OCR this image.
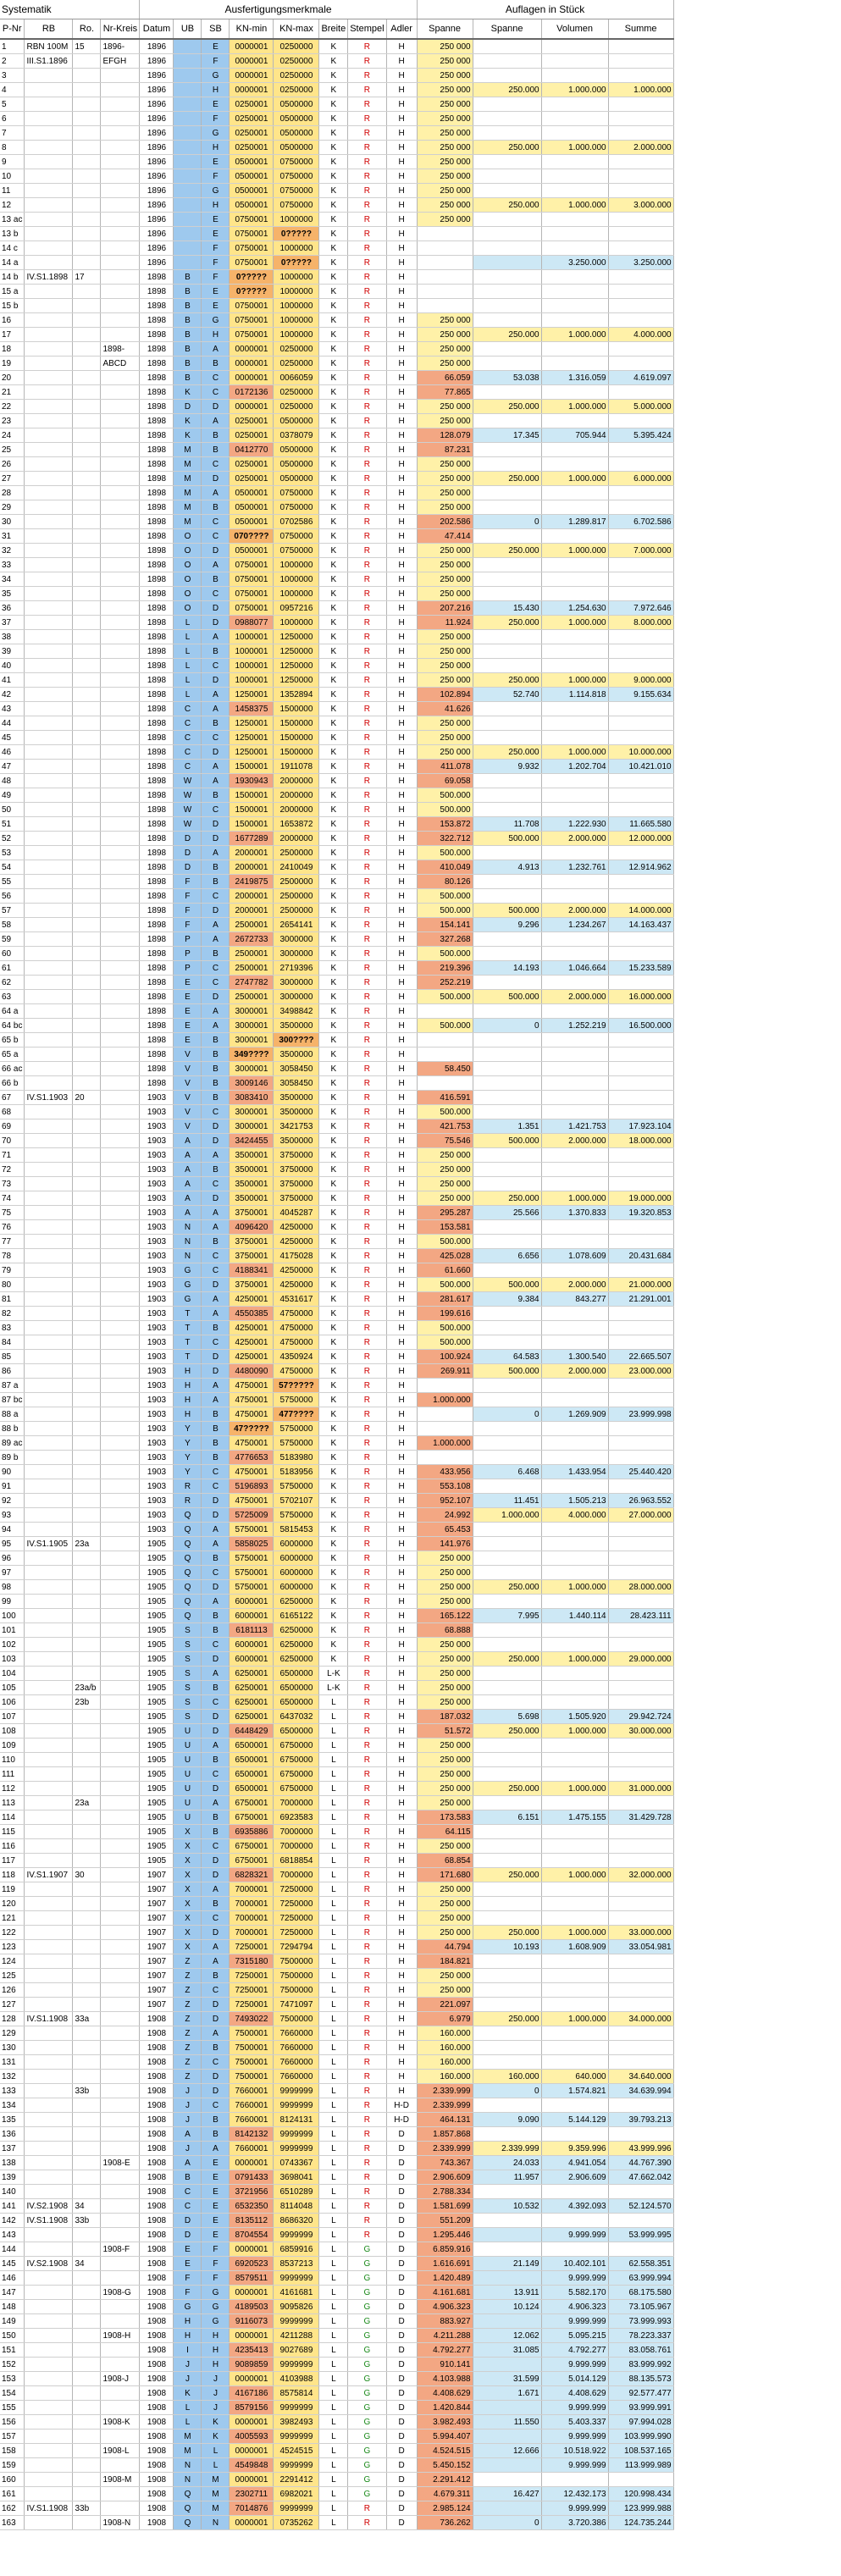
Systematik				Ausfertigungsmerkmale								Auflagen in Stück			
P-Nr	RB	Ro.	Nr-Kreis	Datum	UB	SB	KN-min	KN-max	Breite	Stempel	Adler	Spanne	Spanne	Volumen	Summe
1	RBN 100M	15	1896-	1896		E	0000001	0250000	K	R	H	250 000			
2	III.S1.1896		EFGH	1896		F	0000001	0250000	K	R	H	250 000			
3				1896		G	0000001	0250000	K	R	H	250 000			
4				1896		H	0000001	0250000	K	R	H	250 000	250.000	1.000.000	1.000.000
5				1896		E	0250001	0500000	K	R	H	250 000			
6				1896		F	0250001	0500000	K	R	H	250 000			
7				1896		G	0250001	0500000	K	R	H	250 000			
8				1896		H	0250001	0500000	K	R	H	250 000	250.000	1.000.000	2.000.000
9				1896		E	0500001	0750000	K	R	H	250 000			
10				1896		F	0500001	0750000	K	R	H	250 000			
11				1896		G	0500001	0750000	K	R	H	250 000			
12				1896		H	0500001	0750000	K	R	H	250 000	250.000	1.000.000	3.000.000
13 ac				1896		E	0750001	1000000	K	R	H	250 000			
13 b				1896		E	0750001	0?????	K	R	H				
14 c				1896		F	0750001	1000000	K	R	H				
14 a				1896		F	0750001	0?????	K	R	H			3.250.000	3.250.000
14 b	IV.S1.1898	17		1898	B	F	0?????	1000000	K	R	H				
15 a				1898	B	E	0?????	1000000	K	R	H				
15 b				1898	B	E	0750001	1000000	K	R	H				
16				1898	B	G	0750001	1000000	K	R	H	250 000			
17				1898	B	H	0750001	1000000	K	R	H	250 000	250.000	1.000.000	4.000.000
18			1898-	1898	B	A	0000001	0250000	K	R	H	250 000			
19			ABCD	1898	B	B	0000001	0250000	K	R	H	250 000			
20				1898	B	C	0000001	0066059	K	R	H	66.059	53.038	1.316.059	4.619.097
21				1898	K	C	0172136	0250000	K	R	H	77.865			
22				1898	D	D	0000001	0250000	K	R	H	250 000	250.000	1.000.000	5.000.000
23				1898	K	A	0250001	0500000	K	R	H	250 000			
24				1898	K	B	0250001	0378079	K	R	H	128.079	17.345	705.944	5.395.424
25				1898	M	B	0412770	0500000	K	R	H	87.231			
26				1898	M	C	0250001	0500000	K	R	H	250 000			
27				1898	M	D	0250001	0500000	K	R	H	250 000	250.000	1.000.000	6.000.000
28				1898	M	A	0500001	0750000	K	R	H	250 000			
29				1898	M	B	0500001	0750000	K	R	H	250 000			
30				1898	M	C	0500001	0702586	K	R	H	202.586	0	1.289.817	6.702.586
31				1898	O	C	070????	0750000	K	R	H	47.414			
32				1898	O	D	0500001	0750000	K	R	H	250 000	250.000	1.000.000	7.000.000
33				1898	O	A	0750001	1000000	K	R	H	250 000			
34				1898	O	B	0750001	1000000	K	R	H	250 000			
35				1898	O	C	0750001	1000000	K	R	H	250 000			
36				1898	O	D	0750001	0957216	K	R	H	207.216	15.430	1.254.630	7.972.646
37				1898	L	D	0988077	1000000	K	R	H	11.924	250.000	1.000.000	8.000.000
38				1898	L	A	1000001	1250000	K	R	H	250 000			
39				1898	L	B	1000001	1250000	K	R	H	250 000			
40				1898	L	C	1000001	1250000	K	R	H	250 000			
41				1898	L	D	1000001	1250000	K	R	H	250 000	250.000	1.000.000	9.000.000
42				1898	L	A	1250001	1352894	K	R	H	102.894	52.740	1.114.818	9.155.634
43				1898	C	A	1458375	1500000	K	R	H	41.626			
44				1898	C	B	1250001	1500000	K	R	H	250 000			
45				1898	C	C	1250001	1500000	K	R	H	250 000			
46				1898	C	D	1250001	1500000	K	R	H	250 000	250.000	1.000.000	10.000.000
47				1898	C	A	1500001	1911078	K	R	H	411.078	9.932	1.202.704	10.421.010
48				1898	W	A	1930943	2000000	K	R	H	69.058			
49				1898	W	B	1500001	2000000	K	R	H	500.000			
50				1898	W	C	1500001	2000000	K	R	H	500.000			
51				1898	W	D	1500001	1653872	K	R	H	153.872	11.708	1.222.930	11.665.580
52				1898	D	D	1677289	2000000	K	R	H	322.712	500.000	2.000.000	12.000.000
53				1898	D	A	2000001	2500000	K	R	H	500.000			
54				1898	D	B	2000001	2410049	K	R	H	410.049	4.913	1.232.761	12.914.962
55				1898	F	B	2419875	2500000	K	R	H	80.126			
56				1898	F	C	2000001	2500000	K	R	H	500.000			
57				1898	F	D	2000001	2500000	K	R	H	500.000	500.000	2.000.000	14.000.000
58				1898	F	A	2500001	2654141	K	R	H	154.141	9.296	1.234.267	14.163.437
59				1898	P	A	2672733	3000000	K	R	H	327.268			
60				1898	P	B	2500001	3000000	K	R	H	500.000			
61				1898	P	C	2500001	2719396	K	R	H	219.396	14.193	1.046.664	15.233.589
62				1898	E	C	2747782	3000000	K	R	H	252.219			
63				1898	E	D	2500001	3000000	K	R	H	500.000	500.000	2.000.000	16.000.000
64 a				1898	E	A	3000001	3498842	K	R	H				
64 bc				1898	E	A	3000001	3500000	K	R	H	500.000	0	1.252.219	16.500.000
65 b				1898	E	B	3000001	300????	K	R	H				
65 a				1898	V	B	349????	3500000	K	R	H				
66 ac				1898	V	B	3000001	3058450	K	R	H	58.450			
66 b				1898	V	B	3009146	3058450	K	R	H				
67	IV.S1.1903	20		1903	V	B	3083410	3500000	K	R	H	416.591			
68				1903	V	C	3000001	3500000	K	R	H	500.000			
69				1903	V	D	3000001	3421753	K	R	H	421.753	1.351	1.421.753	17.923.104
70				1903	A	D	3424455	3500000	K	R	H	75.546	500.000	2.000.000	18.000.000
71				1903	A	A	3500001	3750000	K	R	H	250 000			
72				1903	A	B	3500001	3750000	K	R	H	250 000			
73				1903	A	C	3500001	3750000	K	R	H	250 000			
74				1903	A	D	3500001	3750000	K	R	H	250 000	250.000	1.000.000	19.000.000
75				1903	A	A	3750001	4045287	K	R	H	295.287	25.566	1.370.833	19.320.853
76				1903	N	A	4096420	4250000	K	R	H	153.581			
77				1903	N	B	3750001	4250000	K	R	H	500.000			
78				1903	N	C	3750001	4175028	K	R	H	425.028	6.656	1.078.609	20.431.684
79				1903	G	C	4188341	4250000	K	R	H	61.660			
80				1903	G	D	3750001	4250000	K	R	H	500.000	500.000	2.000.000	21.000.000
81				1903	G	A	4250001	4531617	K	R	H	281.617	9.384	843.277	21.291.001
82				1903	T	A	4550385	4750000	K	R	H	199.616			
83				1903	T	B	4250001	4750000	K	R	H	500.000			
84				1903	T	C	4250001	4750000	K	R	H	500.000			
85				1903	T	D	4250001	4350924	K	R	H	100.924	64.583	1.300.540	22.665.507
86				1903	H	D	4480090	4750000	K	R	H	269.911	500.000	2.000.000	23.000.000
87 a				1903	H	A	4750001	57?????	K	R	H				
87 bc				1903	H	A	4750001	5750000	K	R	H	1.000.000			
88 a				1903	H	B	4750001	477????	K	R	H		0	1.269.909	23.999.998
88 b				1903	Y	B	47?????	5750000	K	R	H				
89 ac				1903	Y	B	4750001	5750000	K	R	H	1.000.000			
89 b				1903	Y	B	4776653	5183980	K	R	H				
90				1903	Y	C	4750001	5183956	K	R	H	433.956	6.468	1.433.954	25.440.420
91				1903	R	C	5196893	5750000	K	R	H	553.108			
92				1903	R	D	4750001	5702107	K	R	H	952.107	11.451	1.505.213	26.963.552
93				1903	Q	D	5725009	5750000	K	R	H	24.992	1.000.000	4.000.000	27.000.000
94				1903	Q	A	5750001	5815453	K	R	H	65.453			
95	IV.S1.1905	23a		1905	Q	A	5858025	6000000	K	R	H	141.976			
96				1905	Q	B	5750001	6000000	K	R	H	250 000			
97				1905	Q	C	5750001	6000000	K	R	H	250 000			
98				1905	Q	D	5750001	6000000	K	R	H	250 000	250.000	1.000.000	28.000.000
99				1905	Q	A	6000001	6250000	K	R	H	250 000			
100				1905	Q	B	6000001	6165122	K	R	H	165.122	7.995	1.440.114	28.423.111
101				1905	S	B	6181113	6250000	K	R	H	68.888			
102				1905	S	C	6000001	6250000	K	R	H	250 000			
103				1905	S	D	6000001	6250000	K	R	H	250 000	250.000	1.000.000	29.000.000
104				1905	S	A	6250001	6500000	L-K	R	H	250 000			
105		23a/b		1905	S	B	6250001	6500000	L-K	R	H	250 000			
106		23b		1905	S	C	6250001	6500000	L	R	H	250 000			
107				1905	S	D	6250001	6437032	L	R	H	187.032	5.698	1.505.920	29.942.724
108				1905	U	D	6448429	6500000	L	R	H	51.572	250.000	1.000.000	30.000.000
109				1905	U	A	6500001	6750000	L	R	H	250 000			
110				1905	U	B	6500001	6750000	L	R	H	250 000			
111				1905	U	C	6500001	6750000	L	R	H	250 000			
112				1905	U	D	6500001	6750000	L	R	H	250 000	250.000	1.000.000	31.000.000
113		23a		1905	U	A	6750001	7000000	L	R	H	250 000			
114				1905	U	B	6750001	6923583	L	R	H	173.583	6.151	1.475.155	31.429.728
115				1905	X	B	6935886	7000000	L	R	H	64.115			
116				1905	X	C	6750001	7000000	L	R	H	250 000			
117				1905	X	D	6750001	6818854	L	R	H	68.854			
118	IV.S1.1907	30		1907	X	D	6828321	7000000	L	R	H	171.680	250.000	1.000.000	32.000.000
119				1907	X	A	7000001	7250000	L	R	H	250 000			
120				1907	X	B	7000001	7250000	L	R	H	250 000			
121				1907	X	C	7000001	7250000	L	R	H	250 000			
122				1907	X	D	7000001	7250000	L	R	H	250 000	250.000	1.000.000	33.000.000
123				1907	X	A	7250001	7294794	L	R	H	44.794	10.193	1.608.909	33.054.981
124				1907	Z	A	7315180	7500000	L	R	H	184.821			
125				1907	Z	B	7250001	7500000	L	R	H	250 000			
126				1907	Z	C	7250001	7500000	L	R	H	250 000			
127				1907	Z	D	7250001	7471097	L	R	H	221.097			
128	IV.S1.1908	33a		1908	Z	D	7493022	7500000	L	R	H	6.979	250.000	1.000.000	34.000.000
129				1908	Z	A	7500001	7660000	L	R	H	160.000			
130				1908	Z	B	7500001	7660000	L	R	H	160.000			
131				1908	Z	C	7500001	7660000	L	R	H	160.000			
132				1908	Z	D	7500001	7660000	L	R	H	160.000	160.000	640.000	34.640.000
133		33b		1908	J	D	7660001	9999999	L	R	H	2.339.999	0	1.574.821	34.639.994
134				1908	J	C	7660001	9999999	L	R	H-D	2.339.999			
135				1908	J	B	7660001	8124131	L	R	H-D	464.131	9.090	5.144.129	39.793.213
136				1908	A	B	8142132	9999999	L	R	D	1.857.868			
137				1908	J	A	7660001	9999999	L	R	D	2.339.999	2.339.999	9.359.996	43.999.996
138			1908-E	1908	A	E	0000001	0743367	L	R	D	743.367	24.033	4.941.054	44.767.390
139				1908	B	E	0791433	3698041	L	R	D	2.906.609	11.957	2.906.609	47.662.042
140				1908	C	E	3721956	6510289	L	R	D	2.788.334			
141	IV.S2.1908	34		1908	C	E	6532350	8114048	L	R	D	1.581.699	10.532	4.392.093	52.124.570
142	IV.S1.1908	33b		1908	D	E	8135112	8686320	L	R	D	551.209			
143				1908	D	E	8704554	9999999	L	R	D	1.295.446		9.999.999	53.999.995
144			1908-F	1908	E	F	0000001	6859916	L	G	D	6.859.916			
145	IV.S2.1908	34		1908	E	F	6920523	8537213	L	G	D	1.616.691	21.149	10.402.101	62.558.351
146				1908	F	F	8579511	9999999	L	G	D	1.420.489		9.999.999	63.999.994
147			1908-G	1908	F	G	0000001	4161681	L	G	D	4.161.681	13.911	5.582.170	68.175.580
148				1908	G	G	4189503	9095826	L	G	D	4.906.323	10.124	4.906.323	73.105.967
149				1908	H	G	9116073	9999999	L	G	D	883.927		9.999.999	73.999.993
150			1908-H	1908	H	H	0000001	4211288	L	G	D	4.211.288	12.062	5.095.215	78.223.337
151				1908	I	H	4235413	9027689	L	G	D	4.792.277	31.085	4.792.277	83.058.761
152				1908	J	H	9089859	9999999	L	G	D	910.141		9.999.999	83.999.992
153			1908-J	1908	J	J	0000001	4103988	L	G	D	4.103.988	31.599	5.014.129	88.135.573
154				1908	K	J	4167186	8575814	L	G	D	4.408.629	1.671	4.408.629	92.577.477
155				1908	L	J	8579156	9999999	L	G	D	1.420.844		9.999.999	93.999.991
156			1908-K	1908	L	K	0000001	3982493	L	G	D	3.982.493	11.550	5.403.337	97.994.028
157				1908	M	K	4005593	9999999	L	G	D	5.994.407		9.999.999	103.999.990
158			1908-L	1908	M	L	0000001	4524515	L	G	D	4.524.515	12.666	10.518.922	108.537.165
159				1908	N	L	4549848	9999999	L	G	D	5.450.152		9.999.999	113.999.989
160			1908-M	1908	N	M	0000001	2291412	L	G	D	2.291.412			
161				1908	Q	M	2302711	6982021	L	G	D	4.679.311	16.427	12.432.173	120.998.434
162	IV.S1.1908	33b		1908	Q	M	7014876	9999999	L	R	D	2.985.124		9.999.999	123.999.988
163			1908-N	1908	Q	N	0000001	0735262	L	R	D	736.262	0	3.720.386	124.735.244
